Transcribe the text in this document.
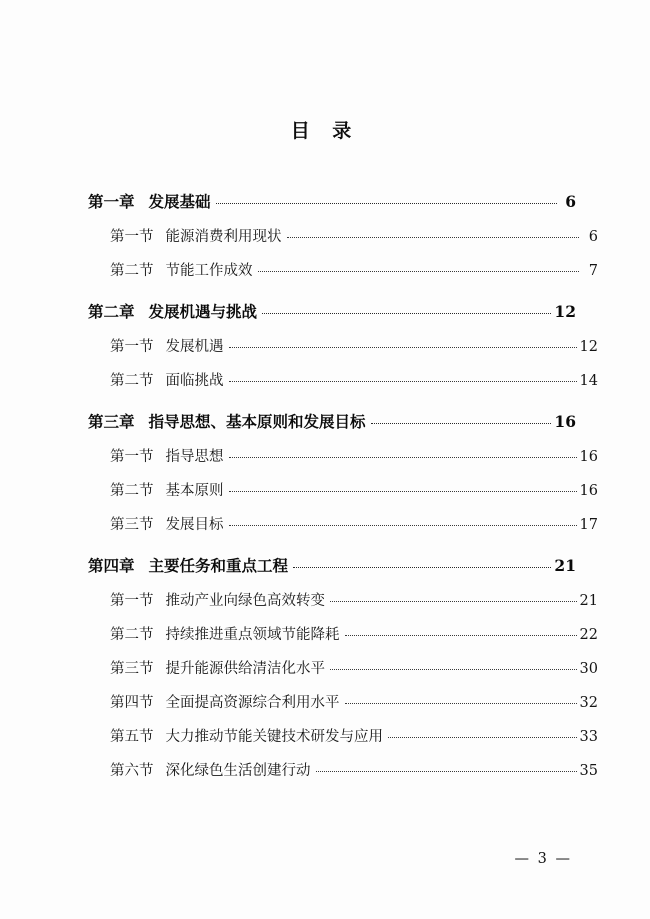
目 录
第一章 发展基础	6
第一节 能源消费利用现状	6
第二节 节能工作成效	7
第二章 发展机遇与挑战	12
第一节 发展机遇	12
第二节 面临挑战	14
第三章 指导思想、基本原则和发展目标	16
第一节 指导思想	16
第二节 基本原则	16
第三节 发展目标	17
第四章 主要任务和重点工程	21
第一节 推动产业向绿色高效转变	21
第二节 持续推进重点领域节能降耗	22
第三节 提升能源供给清洁化水平	30
第四节 全面提高资源综合利用水平	32
第五节 大力推动节能关键技术研发与应用	33
第六节 深化绿色生活创建行动	35
— 3 —
